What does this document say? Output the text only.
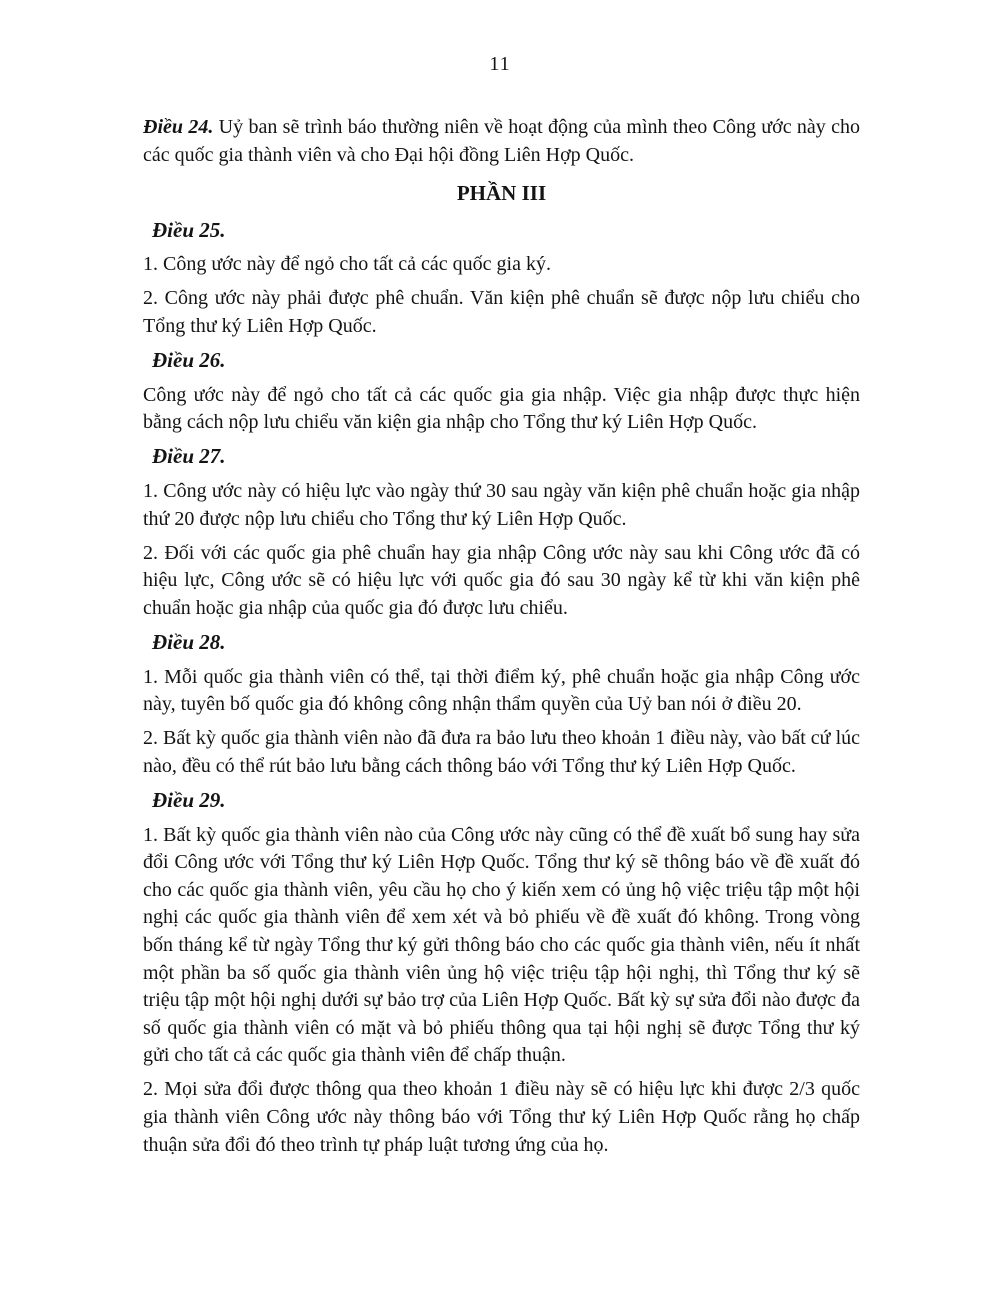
11

Điều 24. Uỷ ban sẽ trình báo thường niên về hoạt động của mình theo Công ước này cho các quốc gia thành viên và cho Đại hội đồng Liên Hợp Quốc.

PHẦN III
Điều 25.

1. Công ước này để ngỏ cho tất cả các quốc gia ký.

2. Công ước này phải được phê chuẩn. Văn kiện phê chuẩn sẽ được nộp lưu chiểu cho Tổng thư ký Liên Hợp Quốc.

Điều 26.

Công ước này để ngỏ cho tất cả các quốc gia gia nhập. Việc gia nhập được thực hiện bằng cách nộp lưu chiểu văn kiện gia nhập cho Tổng thư ký Liên Hợp Quốc.

Điều 27.

1. Công ước này có hiệu lực vào ngày thứ 30 sau ngày văn kiện phê chuẩn hoặc gia nhập thứ 20 được nộp lưu chiểu cho Tổng thư ký Liên Hợp Quốc.

2. Đối với các quốc gia phê chuẩn hay gia nhập Công ước này sau khi Công ước đã có hiệu lực, Công ước sẽ có hiệu lực với quốc gia đó sau 30 ngày kể từ khi văn kiện phê chuẩn hoặc gia nhập của quốc gia đó được lưu chiểu.

Điều 28.

1. Mỗi quốc gia thành viên có thể, tại thời điểm ký, phê chuẩn hoặc gia nhập Công ước này, tuyên bố quốc gia đó không công nhận thẩm quyền của Uỷ ban nói ở điều 20.

2. Bất kỳ quốc gia thành viên nào đã đưa ra bảo lưu theo khoản 1 điều này, vào bất cứ lúc nào, đều có thể rút bảo lưu bằng cách thông báo với Tổng thư ký Liên Hợp Quốc.

Điều 29.

1. Bất kỳ quốc gia thành viên nào của Công ước này cũng có thể đề xuất bổ sung hay sửa đổi Công ước với Tổng thư ký Liên Hợp Quốc. Tổng thư ký sẽ thông báo về đề xuất đó cho các quốc gia thành viên, yêu cầu họ cho ý kiến xem có ủng hộ việc triệu tập một hội nghị các quốc gia thành viên để xem xét và bỏ phiếu về đề xuất đó không. Trong vòng bốn tháng kể từ ngày Tổng thư ký gửi thông báo cho các quốc gia thành viên, nếu ít nhất một phần ba số quốc gia thành viên ủng hộ việc triệu tập hội nghị, thì Tổng thư ký sẽ triệu tập một hội nghị dưới sự bảo trợ của Liên Hợp Quốc. Bất kỳ sự sửa đổi nào được đa số quốc gia thành viên có mặt và bỏ phiếu thông qua tại hội nghị sẽ được Tổng thư ký gửi cho tất cả các quốc gia thành viên để chấp thuận.

2. Mọi sửa đổi được thông qua theo khoản 1 điều này sẽ có hiệu lực khi được 2/3 quốc gia thành viên Công ước này thông báo với Tổng thư ký Liên Hợp Quốc rằng họ chấp thuận sửa đổi đó theo trình tự pháp luật tương ứng của họ.
